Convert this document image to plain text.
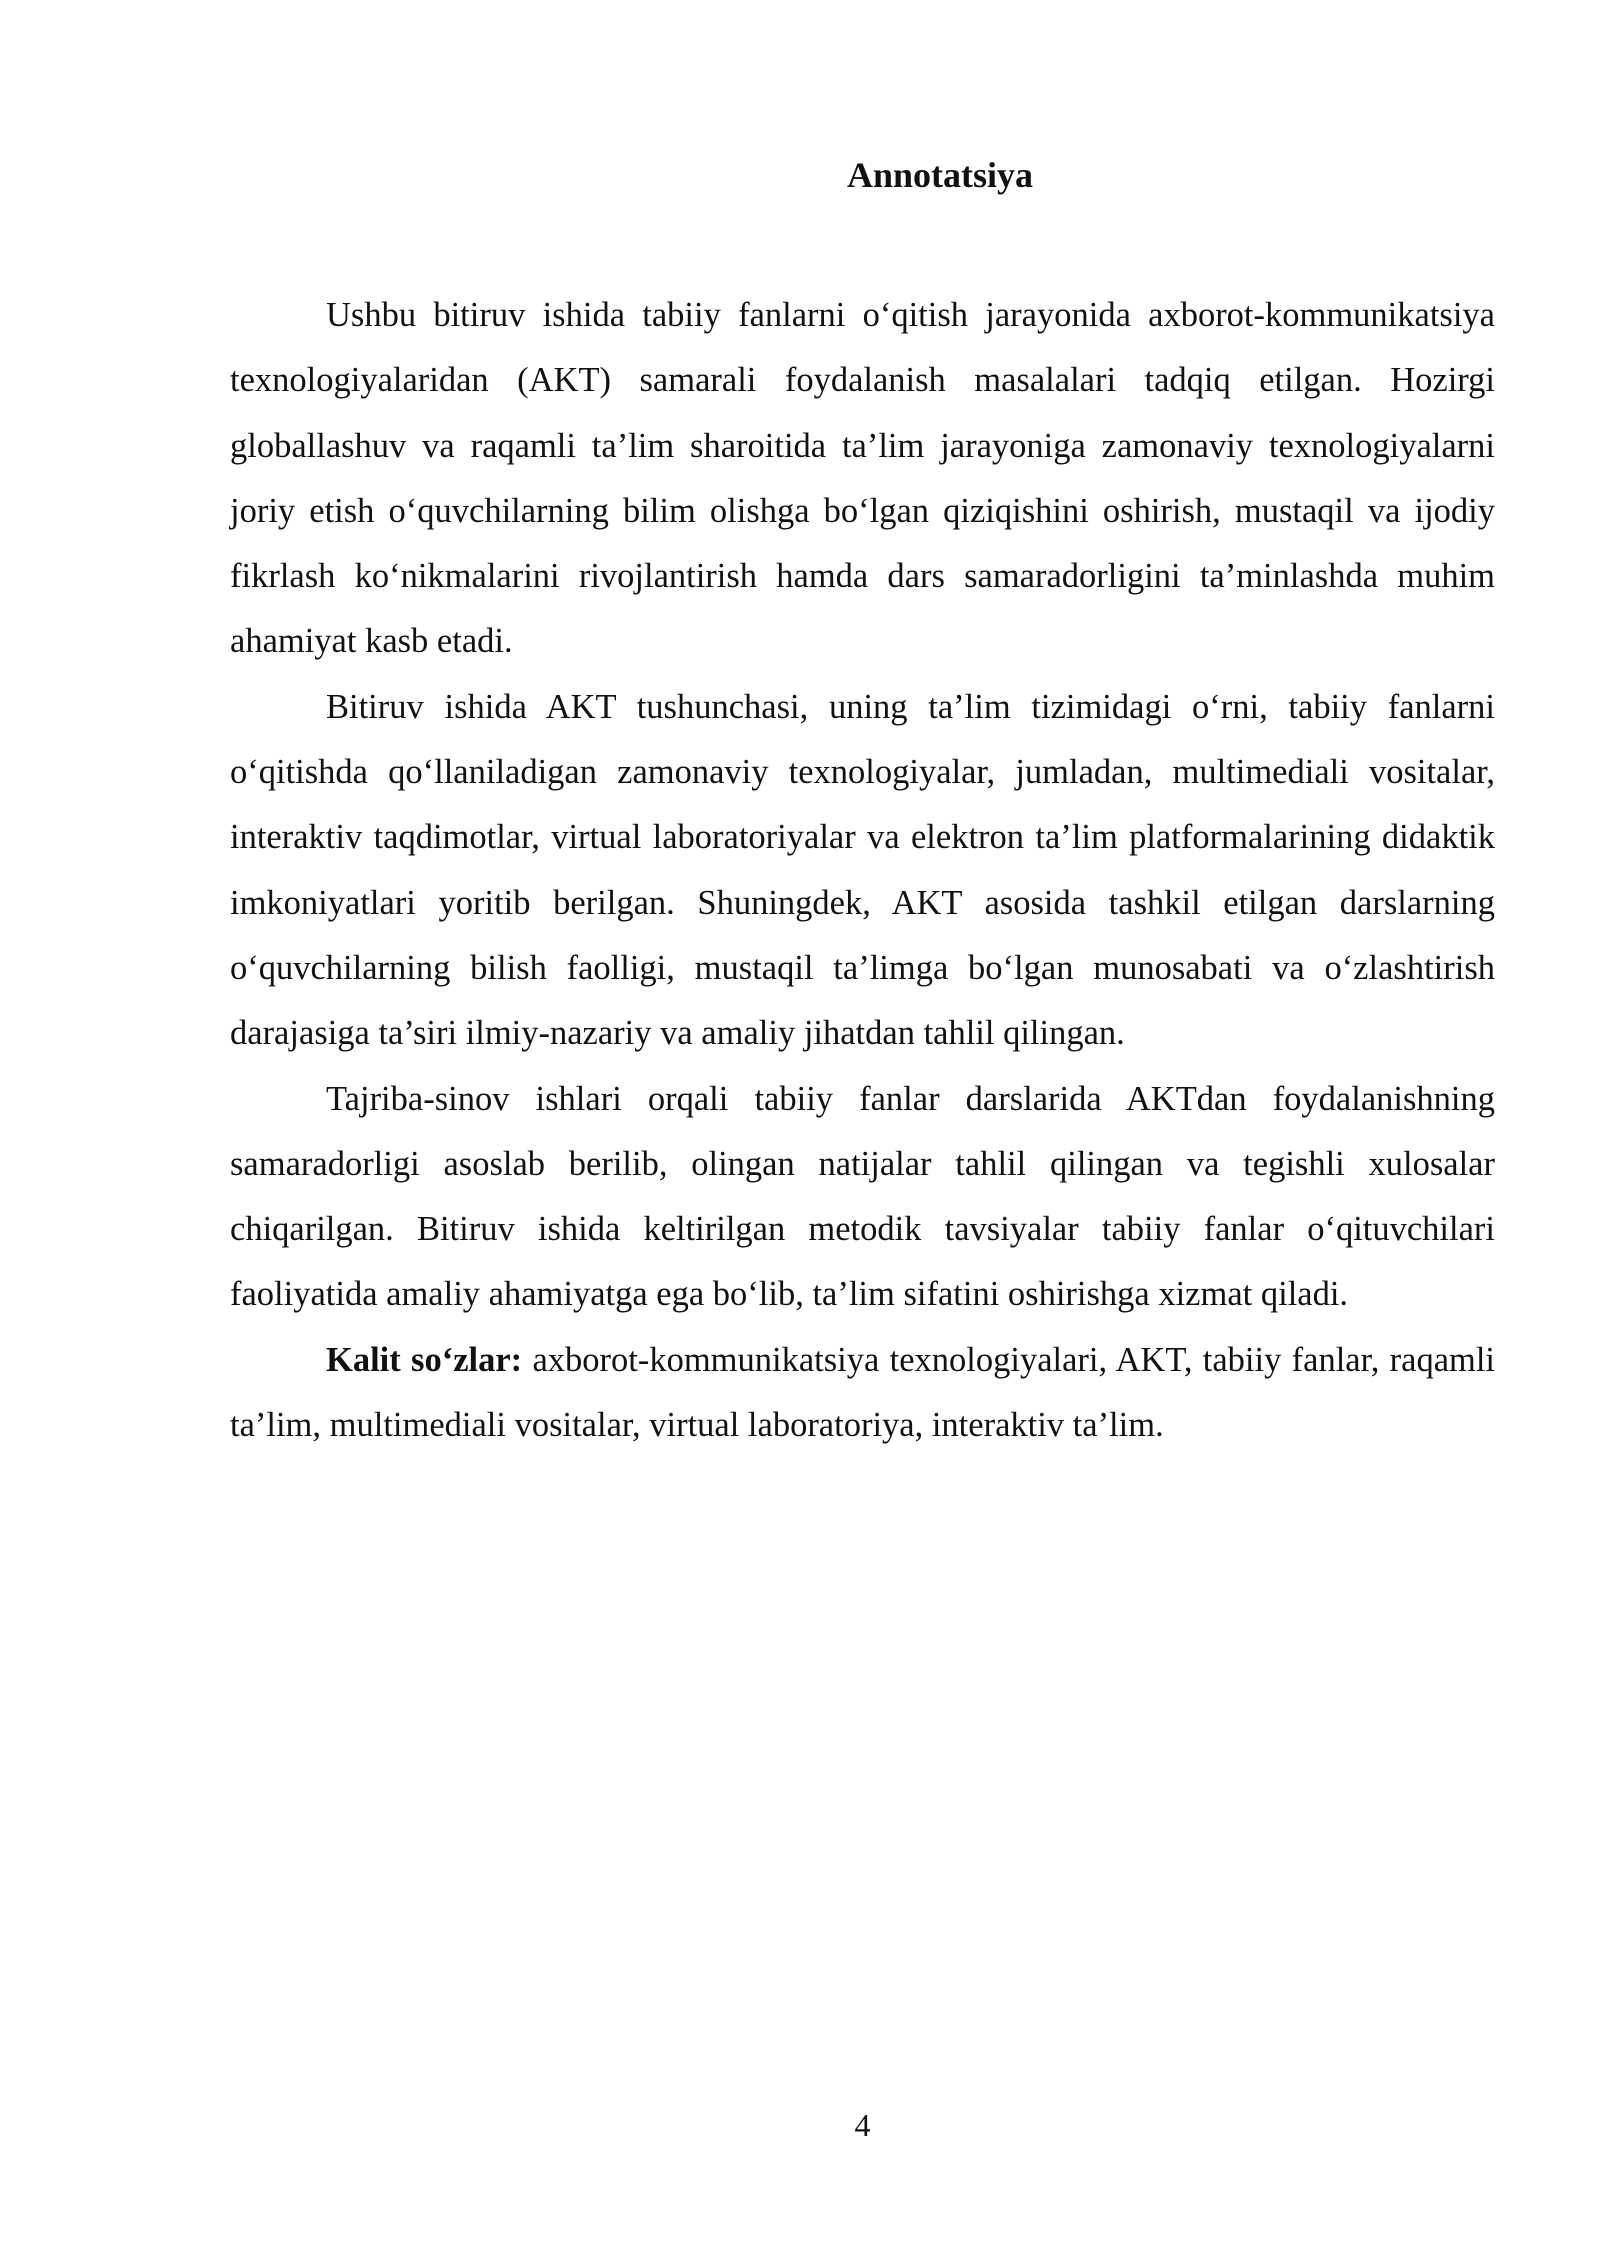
Annotatsiya

Ushbu bitiruv ishida tabiiy fanlarni o‘qitish jarayonida axborot-kommunikatsiya texnologiyalaridan (AKT) samarali foydalanish masalalari tadqiq etilgan. Hozirgi globallashuv va raqamli ta’lim sharoitida ta’lim jarayoniga zamonaviy texnologiyalarni joriy etish o‘quvchilarning bilim olishga bo‘lgan qiziqishini oshirish, mustaqil va ijodiy fikrlash ko‘nikmalarini rivojlantirish hamda dars samaradorligini ta’minlashda muhim ahamiyat kasb etadi.

Bitiruv ishida AKT tushunchasi, uning ta’lim tizimidagi o‘rni, tabiiy fanlarni o‘qitishda qo‘llaniladigan zamonaviy texnologiyalar, jumladan, multimediali vositalar, interaktiv taqdimotlar, virtual laboratoriyalar va elektron ta’lim platformalarining didaktik imkoniyatlari yoritib berilgan. Shuningdek, AKT asosida tashkil etilgan darslarning o‘quvchilarning bilish faolligi, mustaqil ta’limga bo‘lgan munosabati va o‘zlashtirish darajasiga ta’siri ilmiy-nazariy va amaliy jihatdan tahlil qilingan.

Tajriba-sinov ishlari orqali tabiiy fanlar darslarida AKTdan foydalanishning samaradorligi asoslab berilib, olingan natijalar tahlil qilingan va tegishli xulosalar chiqarilgan. Bitiruv ishida keltirilgan metodik tavsiyalar tabiiy fanlar o‘qituvchilari faoliyatida amaliy ahamiyatga ega bo‘lib, ta’lim sifatini oshirishga xizmat qiladi.

Kalit so‘zlar: axborot-kommunikatsiya texnologiyalari, AKT, tabiiy fanlar, raqamli ta’lim, multimediali vositalar, virtual laboratoriya, interaktiv ta’lim.

4
